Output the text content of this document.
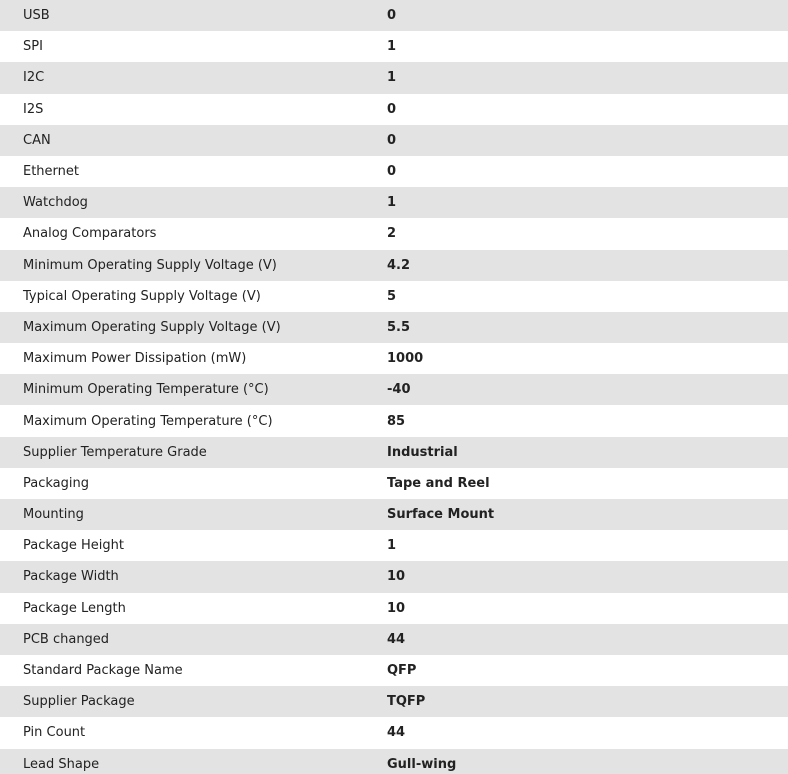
USB	0
SPI	1
I2C	1
I2S	0
CAN	0
Ethernet	0
Watchdog	1
Analog Comparators	2
Minimum Operating Supply Voltage (V)	4.2
Typical Operating Supply Voltage (V)	5
Maximum Operating Supply Voltage (V)	5.5
Maximum Power Dissipation (mW)	1000
Minimum Operating Temperature (°C)	-40
Maximum Operating Temperature (°C)	85
Supplier Temperature Grade	Industrial
Packaging	Tape and Reel
Mounting	Surface Mount
Package Height	1
Package Width	10
Package Length	10
PCB changed	44
Standard Package Name	QFP
Supplier Package	TQFP
Pin Count	44
Lead Shape	Gull-wing
